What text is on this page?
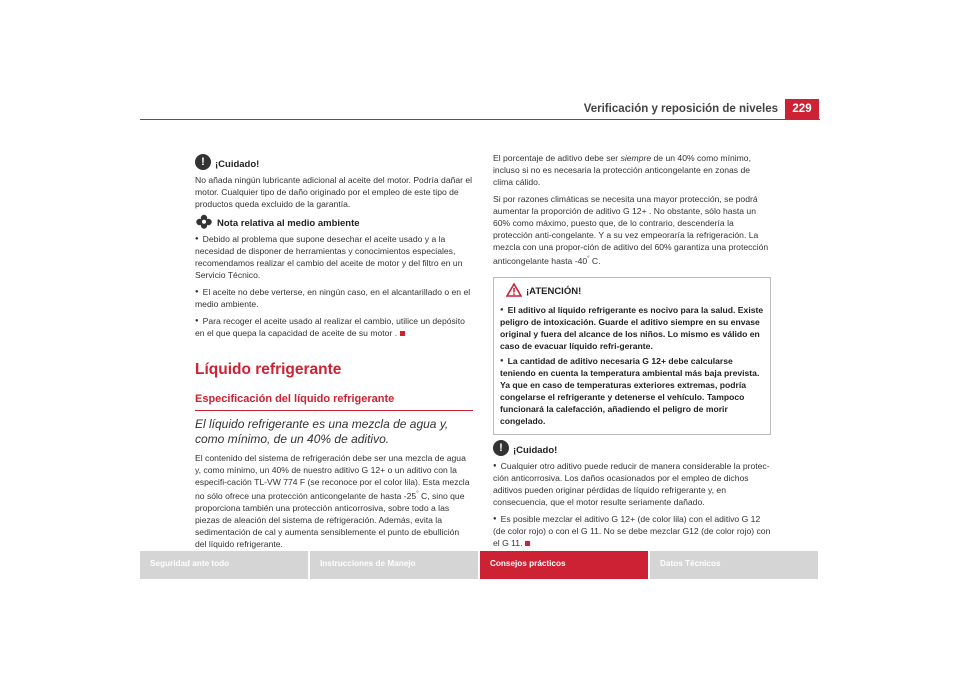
Verificación y reposición de niveles	229
!	¡Cuidado!

No añada ningún lubricante adicional al aceite del motor. Podría dañar el motor. Cualquier tipo de daño originado por el empleo de este tipo de productos queda excluido de la garantía.

Nota relativa al medio ambiente

● Debido al problema que supone desechar el aceite usado y a la necesidad de disponer de herramientas y conocimientos especiales, recomendamos realizar el cambio del aceite de motor y del filtro en un Servicio Técnico.

● El aceite no debe verterse, en ningún caso, en el alcantarillado o en el medio ambiente.

● Para recoger el aceite usado al realizar el cambio, utilice un depósito en el que quepa la capacidad de aceite de su motor .

Líquido refrigerante
Especificación del líquido refrigerante

El líquido refrigerante es una mezcla de agua y, como mínimo, de un 40% de aditivo.

El contenido del sistema de refrigeración debe ser una mezcla de agua y, como mínimo, un 40% de nuestro aditivo G 12+ o un aditivo con la especifi-cación TL-VW 774 F (se reconoce por el color lila). Esta mezcla no sólo ofrece una protección anticongelante de hasta -25° C, sino que proporciona también una protección anticorrosiva, sobre todo a las piezas de aleación del sistema de refrigeración. Además, evita la sedimentación de cal y aumenta sensiblemente el punto de ebullición del líquido refrigerante.

El porcentaje de aditivo debe ser siempre de un 40% como mínimo, incluso si no es necesaria la protección anticongelante en zonas de clima cálido.

Si por razones climáticas se necesita una mayor protección, se podrá aumentar la proporción de aditivo G 12+ . No obstante, sólo hasta un 60% como máximo, puesto que, de lo contrario, descendería la protección anti-congelante. Y a su vez empeoraría la refrigeración. La mezcla con una propor-ción de aditivo del 60% garantiza una protección anticongelante hasta -40° C.

¡ATENCIÓN!

● El aditivo al líquido refrigerante es nocivo para la salud. Existe peligro de intoxicación. Guarde el aditivo siempre en su envase original y fuera del alcance de los niños. Lo mismo es válido en caso de evacuar líquido refri-gerante.

● La cantidad de aditivo necesaria G 12+ debe calcularse teniendo en cuenta la temperatura ambiental más baja prevista. Ya que en caso de temperaturas exteriores extremas, podría congelarse el refrigerante y detenerse el vehículo. Tampoco funcionará la calefacción, añadiendo el peligro de morir congelado.

!	¡Cuidado!

● Cualquier otro aditivo puede reducir de manera considerable la protec-ción anticorrosiva. Los daños ocasionados por el empleo de dichos aditivos pueden originar pérdidas de líquido refrigerante y, en consecuencia, que el motor resulte seriamente dañado.

● Es posible mezclar el aditivo G 12+ (de color lila) con el aditivo G 12 (de color rojo) o con el G 11. No se debe mezclar G12 (de color rojo) con el G 11.

Seguridad ante todo	Instrucciones de Manejo	Consejos prácticos	Datos Técnicos
